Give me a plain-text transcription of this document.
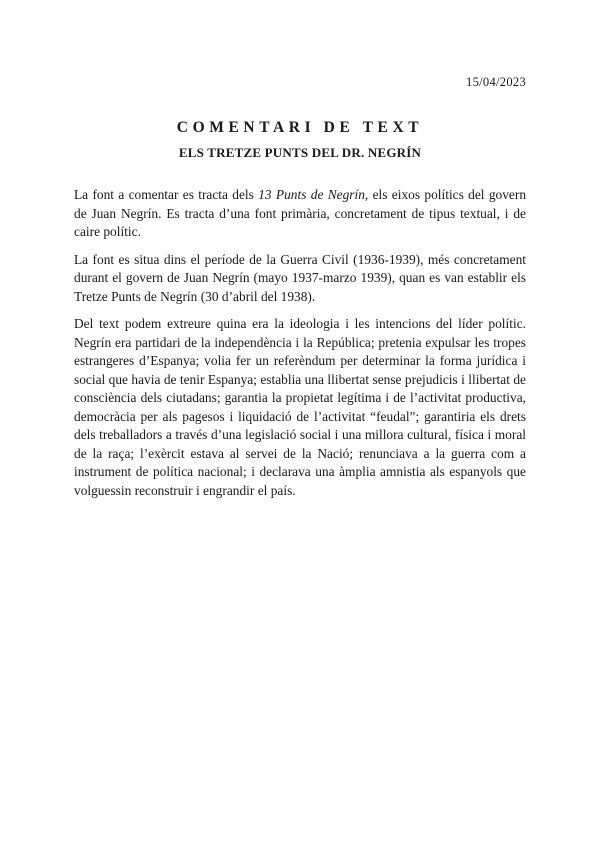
15/04/2023
COMENTARI DE TEXT
ELS TRETZE PUNTS DEL DR. NEGRÍN

La font a comentar es tracta dels 13 Punts de Negrín, els eixos polítics del govern de Juan Negrín. Es tracta d’una font primària, concretament de tipus textual, i de caire polític.

La font es situa dins el període de la Guerra Civil (1936-1939), més concretament durant el govern de Juan Negrín (mayo 1937-marzo 1939), quan es van establir els Tretze Punts de Negrín (30 d’abril del 1938).

Del text podem extreure quina era la ideologia i les intencions del líder polític. Negrín era partidari de la independència i la República; pretenia expulsar les tropes estrangeres d’Espanya; volia fer un referèndum per determinar la forma jurídica i social que havia de tenir Espanya; establia una llibertat sense prejudicis i llibertat de consciència dels ciutadans; garantia la propietat legítima i de l’activitat productiva, democràcia per als pagesos i liquidació de l’activitat “feudal”; garantiria els drets dels treballadors a través d’una legislació social i una millora cultural, física i moral de la raça; l’exèrcit estava al servei de la Nació; renunciava a la guerra com a instrument de política nacional; i declarava una àmplia amnistia als espanyols que volguessin reconstruir i engrandir el país.
